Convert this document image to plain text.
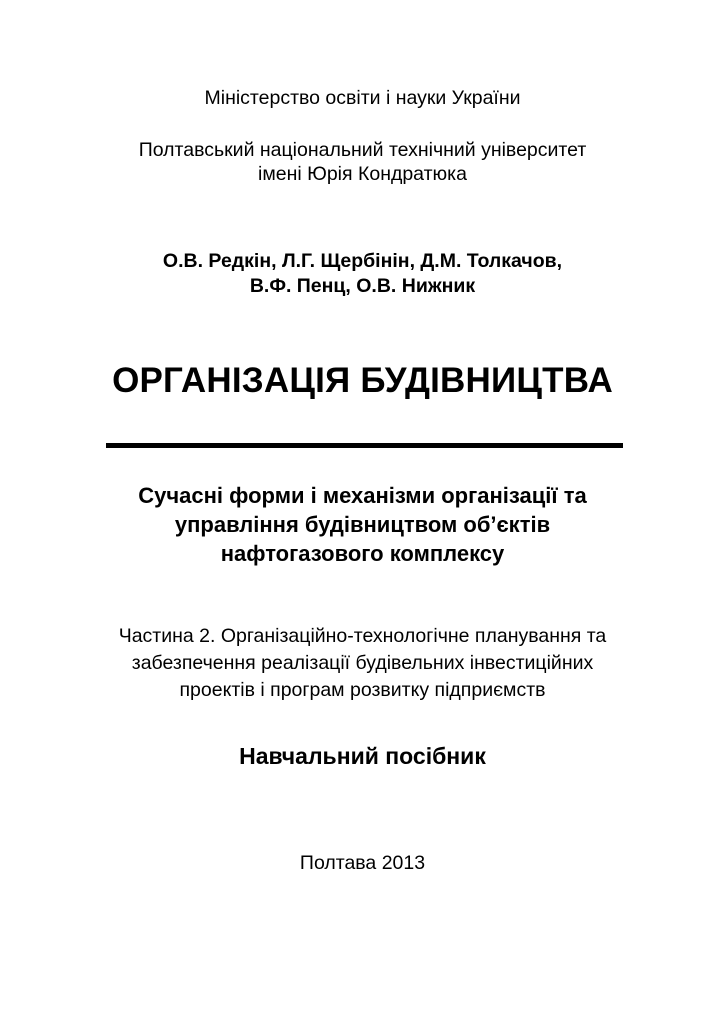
Міністерство освіти і науки України
Полтавський національний технічний університет
імені Юрія Кондратюка
О.В. Редкін, Л.Г. Щербінін, Д.М. Толкачов,
В.Ф. Пенц, О.В. Нижник
ОРГАНІЗАЦІЯ БУДІВНИЦТВА
Сучасні форми і механізми організації та
управління будівництвом об’єктів
нафтогазового комплексу
Частина 2. Організаційно-технологічне планування та
забезпечення реалізації будівельних інвестиційних
проектів і програм розвитку підприємств
Навчальний посібник
Полтава 2013
